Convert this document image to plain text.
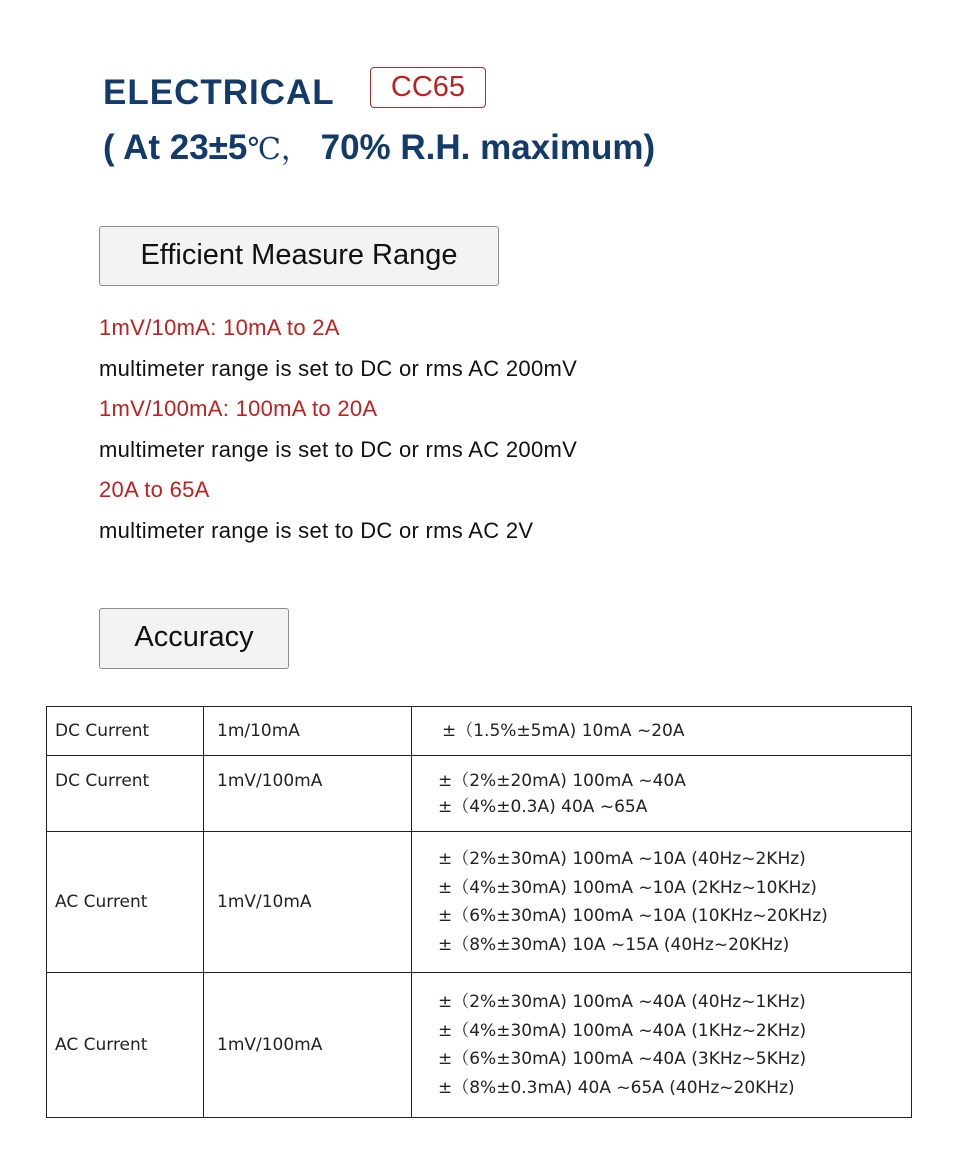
ELECTRICAL	CC65
( At 23±5℃， 70% R.H. maximum)
Efficient Measure Range
1mV/10mA: 10mA to 2A
multimeter range is set to DC or rms AC 200mV
1mV/100mA: 100mA to 20A
multimeter range is set to DC or rms AC 200mV
20A to 65A
multimeter range is set to DC or rms AC 2V
Accuracy
DC Current	1m/10mA	±（1.5%±5mA) 10mA ~20A

DC Current	1mV/100mA	±（2%±20mA) 100mA ~40A
±（4%±0.3A) 40A ~65A

AC Current	1mV/10mA	±（2%±30mA) 100mA ~10A (40Hz~2KHz)
±（4%±30mA) 100mA ~10A (2KHz~10KHz)
±（6%±30mA) 100mA ~10A (10KHz~20KHz)
±（8%±30mA) 10A ~15A (40Hz~20KHz)

AC Current	1mV/100mA	±（2%±30mA) 100mA ~40A (40Hz~1KHz)
±（4%±30mA) 100mA ~40A (1KHz~2KHz)
±（6%±30mA) 100mA ~40A (3KHz~5KHz)
±（8%±0.3mA) 40A ~65A (40Hz~20KHz)
